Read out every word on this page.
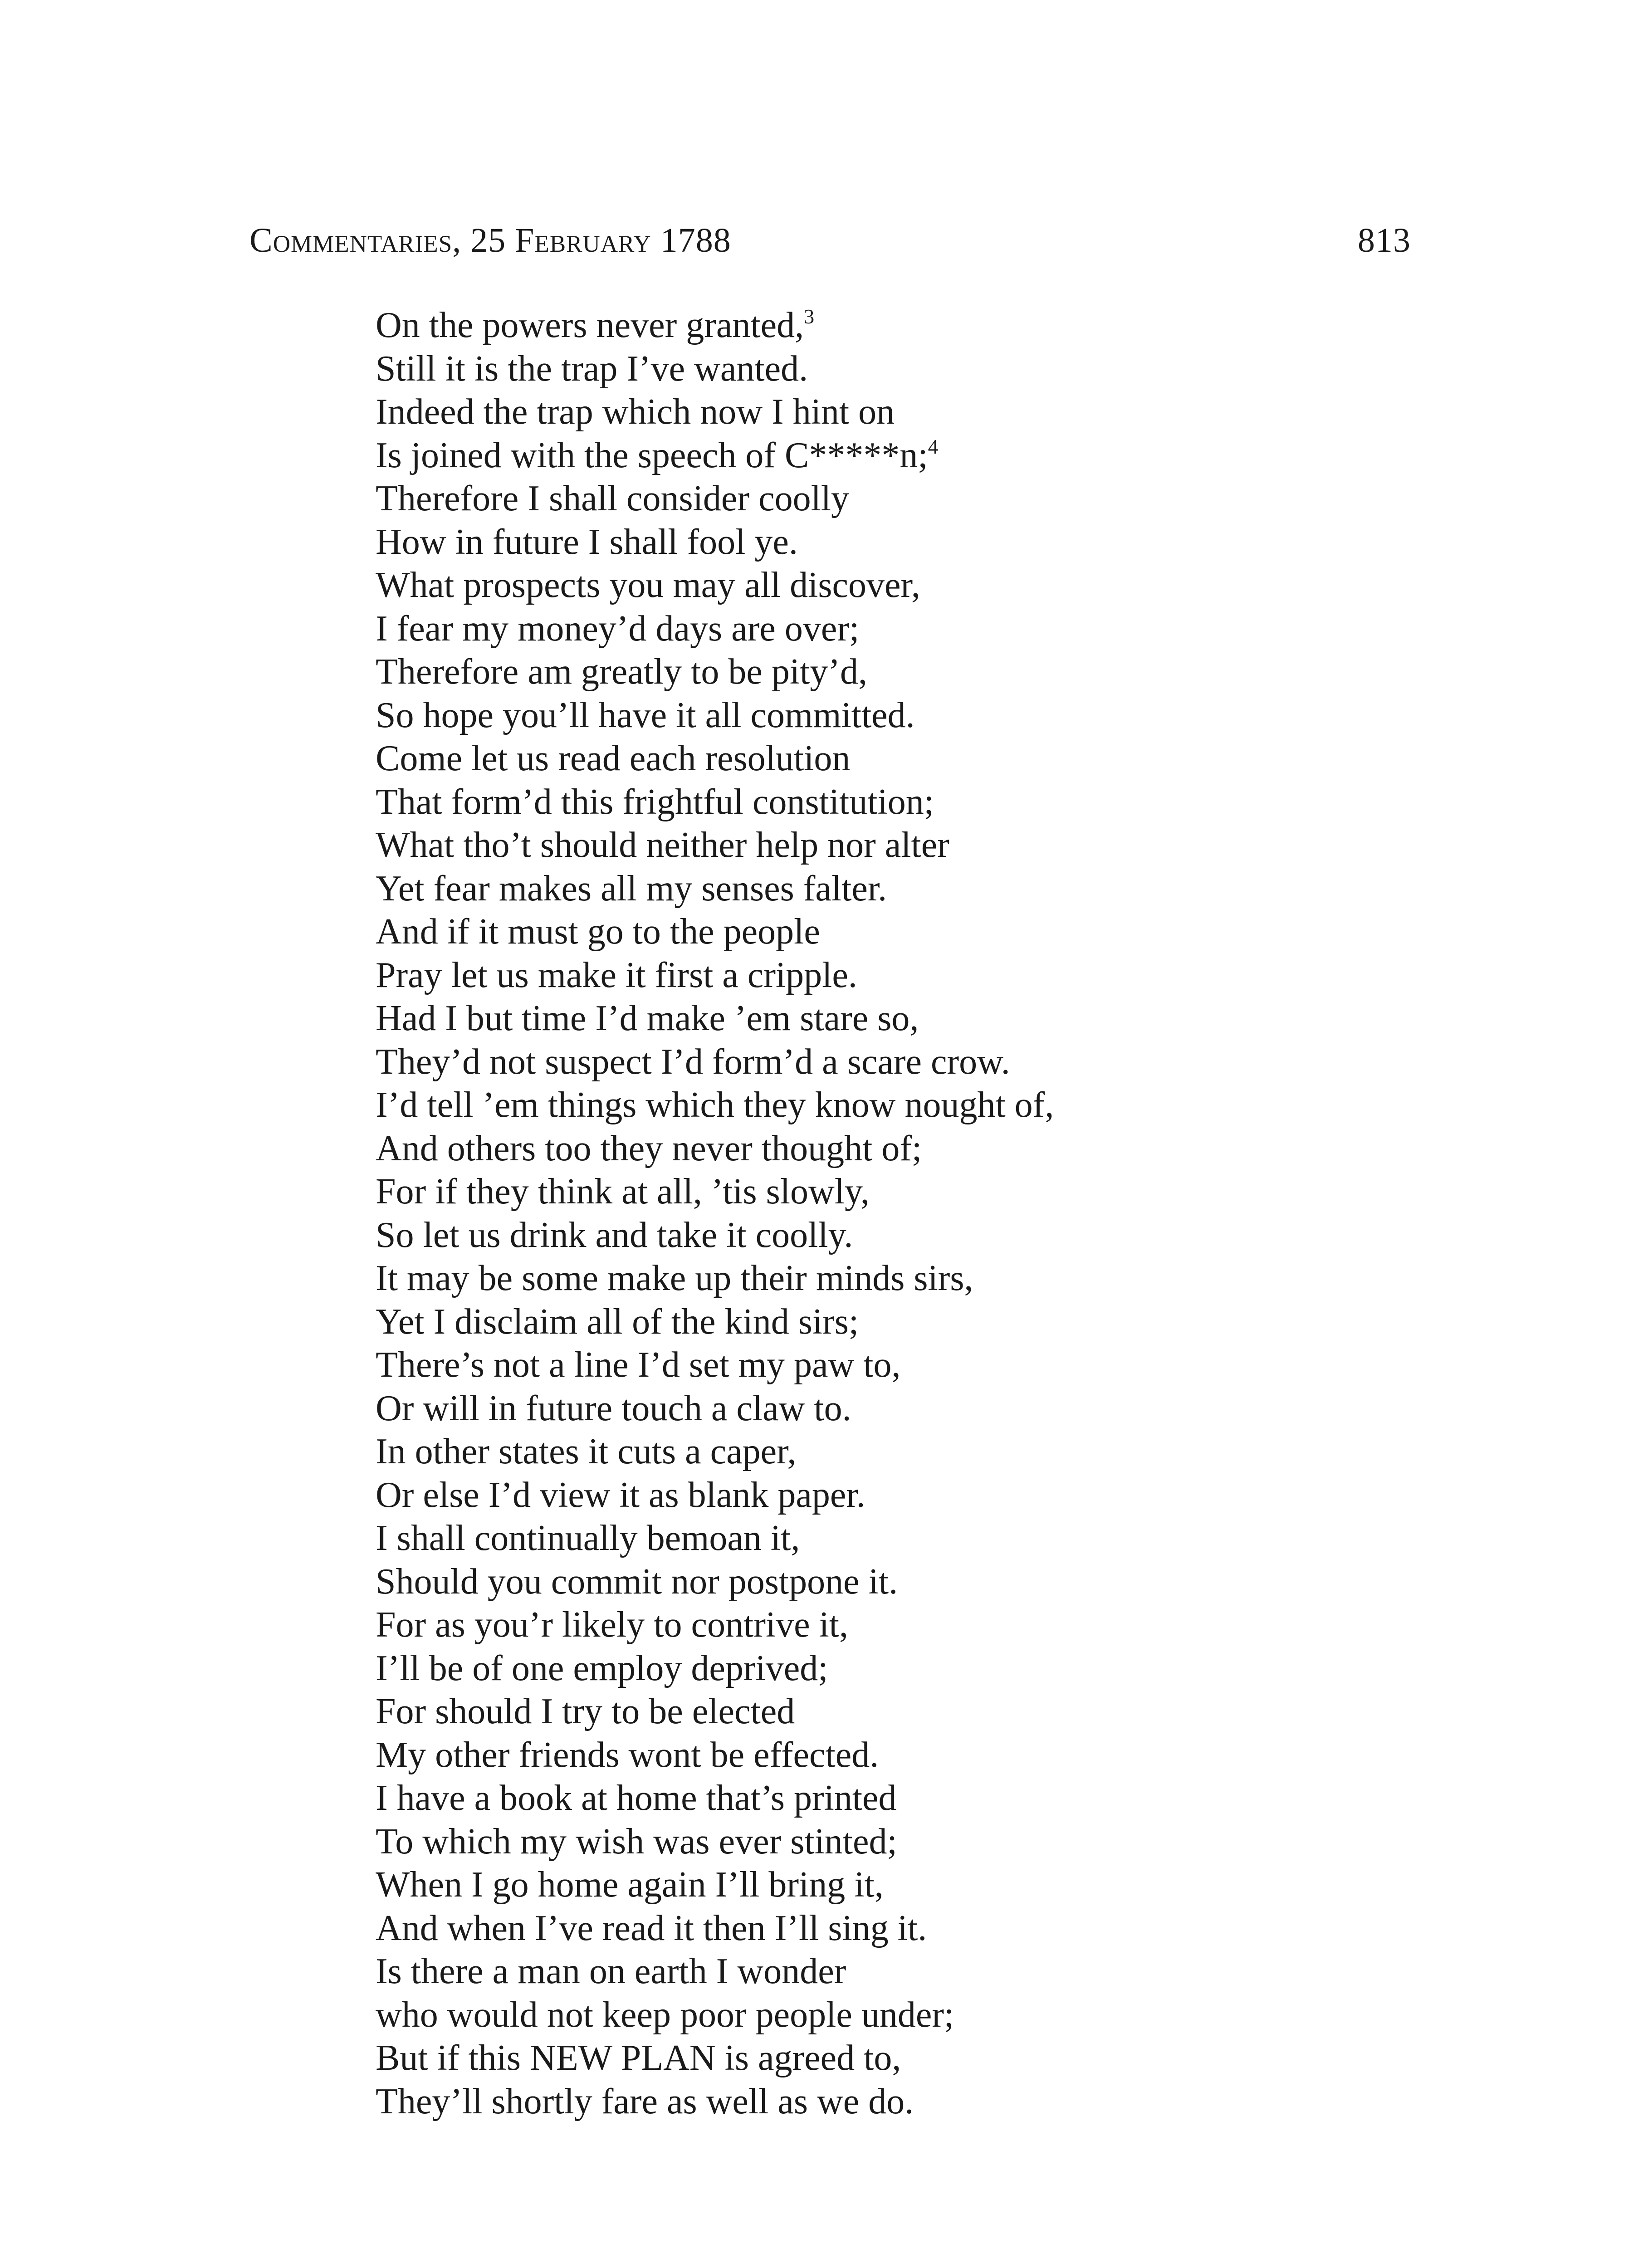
Commentaries, 25 February 1788	813
On the powers never granted,$^3$
Still it is the trap I’ve wanted.
Indeed the trap which now I hint on
Is joined with the speech of C*****n;$^4$
Therefore I shall consider coolly
How in future I shall fool ye.
What prospects you may all discover,
I fear my money’d days are over;
Therefore am greatly to be pity’d,
So hope you’ll have it all committed.
Come let us read each resolution
That form’d this frightful constitution;
What tho’t should neither help nor alter
Yet fear makes all my senses falter.
And if it must go to the people
Pray let us make it first a cripple.
Had I but time I’d make ’em stare so,
They’d not suspect I’d form’d a scare crow.
I’d tell ’em things which they know nought of,
And others too they never thought of;
For if they think at all, ’tis slowly,
So let us drink and take it coolly.
It may be some make up their minds sirs,
Yet I disclaim all of the kind sirs;
There’s not a line I’d set my paw to,
Or will in future touch a claw to.
In other states it cuts a caper,
Or else I’d view it as blank paper.
I shall continually bemoan it,
Should you commit nor postpone it.
For as you’r likely to contrive it,
I’ll be of one employ deprived;
For should I try to be elected
My other friends wont be effected.
I have a book at home that’s printed
To which my wish was ever stinted;
When I go home again I’ll bring it,
And when I’ve read it then I’ll sing it.
Is there a man on earth I wonder
who would not keep poor people under;
But if this NEW PLAN is agreed to,
They’ll shortly fare as well as we do.
